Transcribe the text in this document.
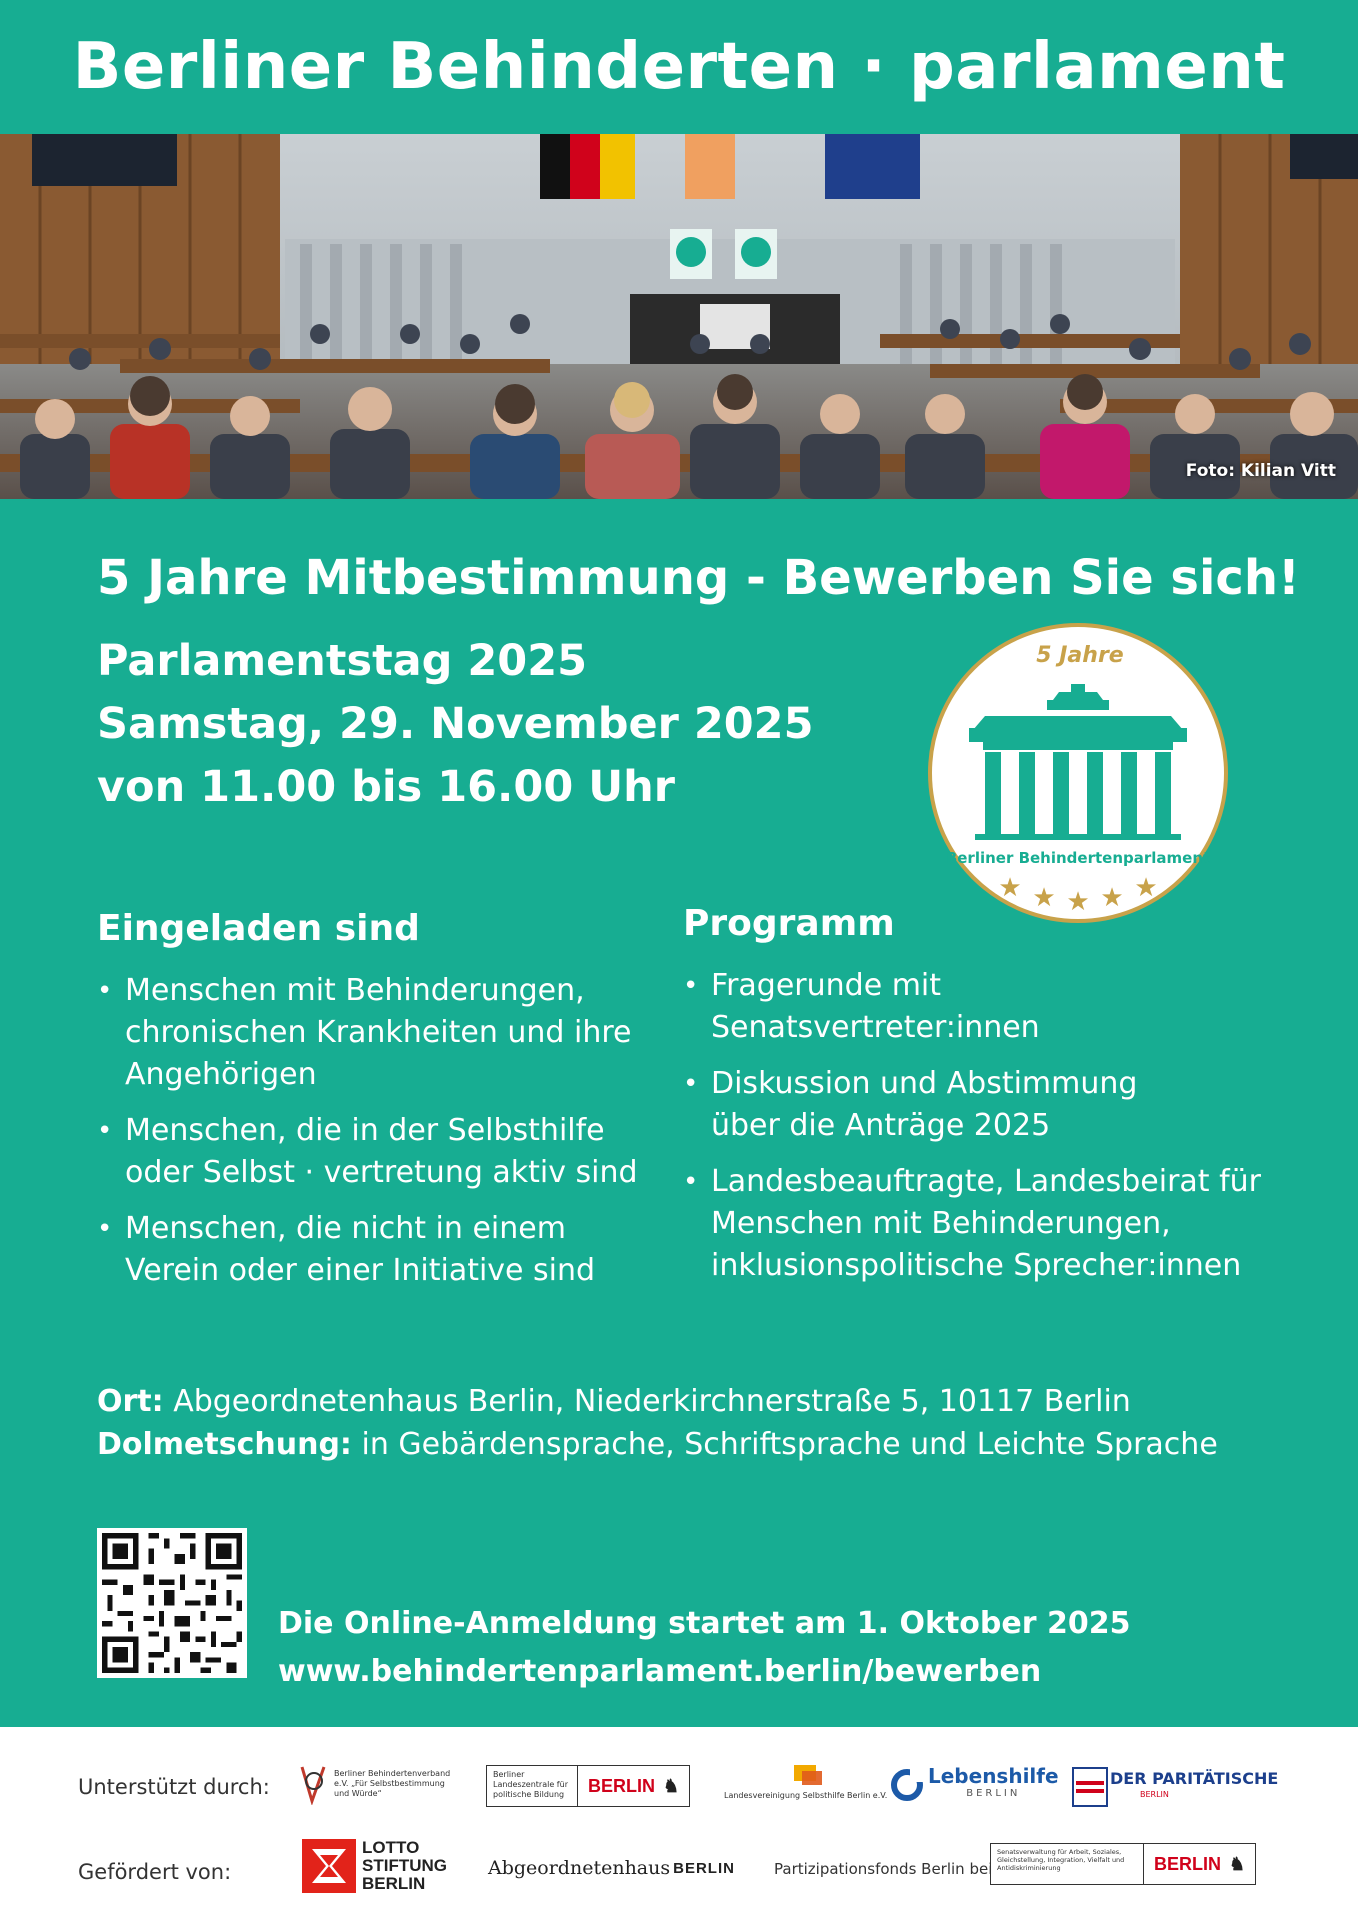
Berliner Behinderten · parlament
Foto: Kilian Vitt
5 Jahre Mitbestimmung - Bewerben Sie sich!
Parlamentstag 2025
Samstag, 29. November 2025
von 11.00 bis 16.00 Uhr
5 Jahre
Berliner Behindertenparlament
★ ★ ★ ★ ★
Eingeladen sind
• Menschen mit Behinderungen, chronischen Krankheiten und ihre Angehörigen
• Menschen, die in der Selbsthilfe oder Selbst · vertretung aktiv sind
• Menschen, die nicht in einem Verein oder einer Initiative sind
Programm
• Fragerunde mit Senatsvertreter:innen
• Diskussion und Abstimmung über die Anträge 2025
• Landesbeauftragte, Landesbeirat für Menschen mit Behinderungen, inklusionspolitische Sprecher:innen
Ort: Abgeordnetenhaus Berlin, Niederkirchnerstraße 5, 10117 Berlin
Dolmetschung: in Gebärdensprache, Schriftsprache und Leichte Sprache
Die Online-Anmeldung startet am 1. Oktober 2025
www.behindertenparlament.berlin/bewerben
Unterstützt durch:
Gefördert von:
Berliner Behindertenverband e.V. „Für Selbstbestimmung und Würde“
Berliner Landeszentrale für politische Bildung	BERLIN ♞	Landesvereinigung Selbsthilfe Berlin e.V.
Lebenshilfe
BERLIN
DER PARITÄTISCHE
BERLIN
LOTTO
STIFTUNG
BERLIN
Abgeordnetenhaus BERLIN	Partizipationsfonds Berlin bei
Senatsverwaltung für Arbeit, Soziales, Gleichstellung, Integration, Vielfalt und Antidiskriminierung	BERLIN ♞
